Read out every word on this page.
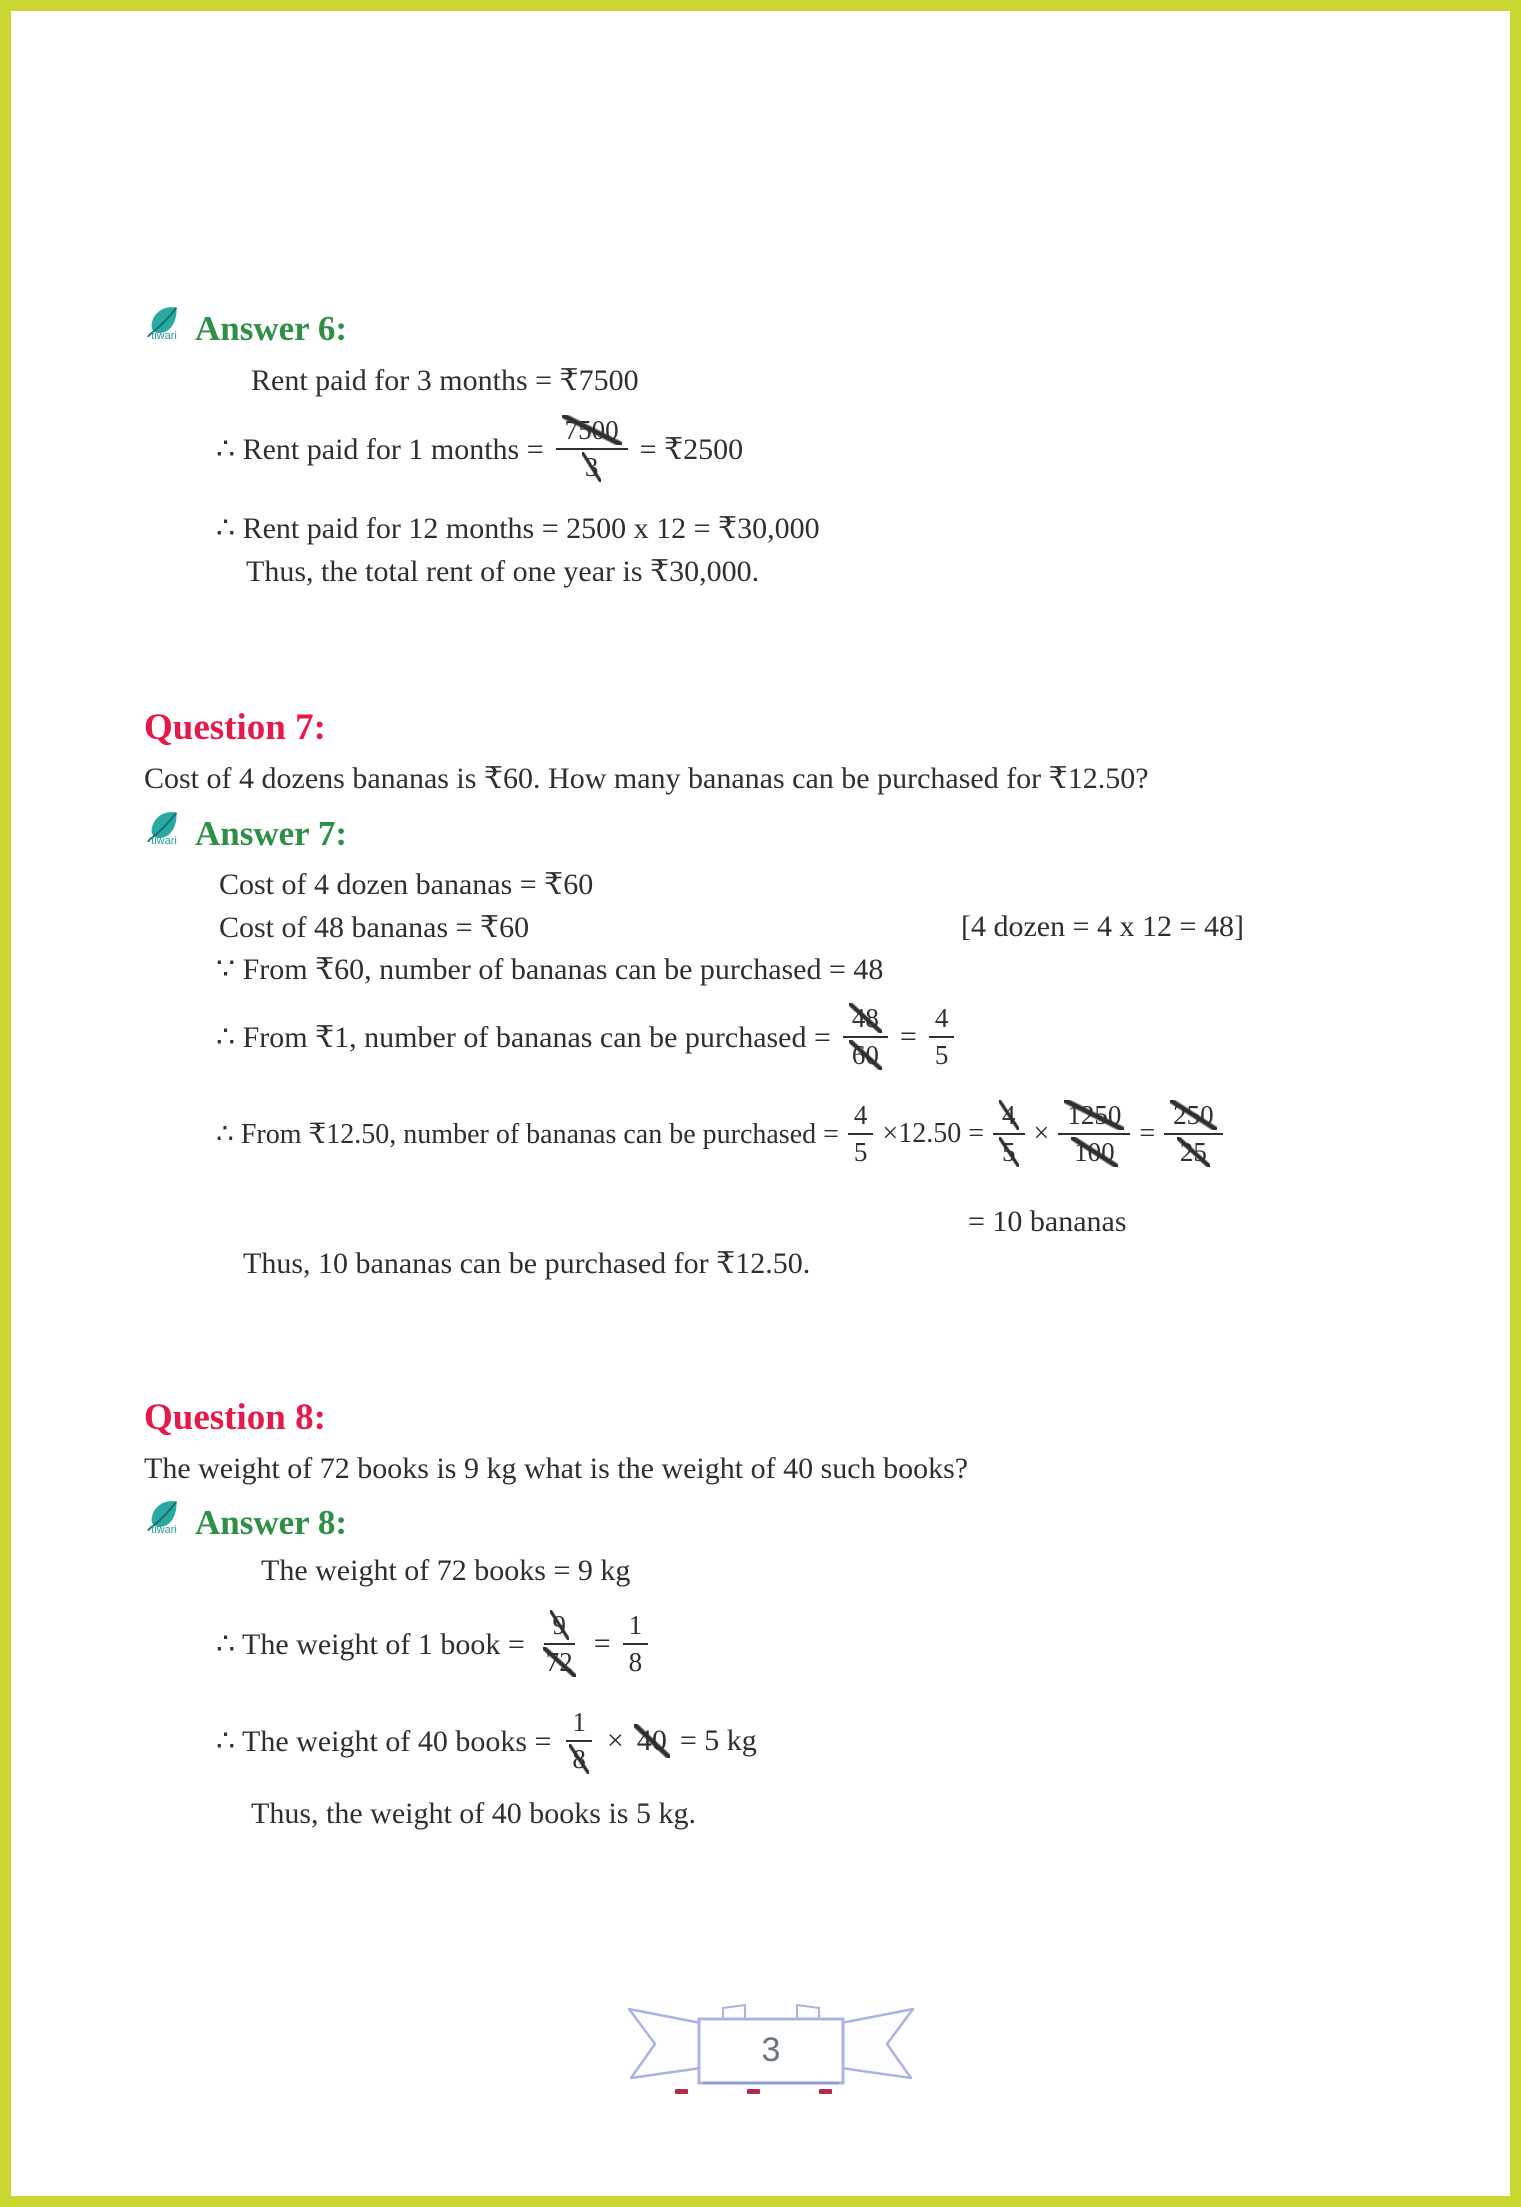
tiwari Answer 6:
Rent paid for 3 months = ₹7500
∴ Rent paid for 1 months = $\frac{7500}{3}$ = ₹2500
∴ Rent paid for 12 months = 2500 x 12 = ₹30,000
Thus, the total rent of one year is ₹30,000.
Question 7:
Cost of 4 dozens bananas is ₹60. How many bananas can be purchased for ₹12.50?
tiwari Answer 7:
Cost of 4 dozen bananas = ₹60
Cost of 48 bananas = ₹60	[4 dozen = 4 x 12 = 48]
∵ From ₹60, number of bananas can be purchased = 48
∴ From ₹1, number of bananas can be purchased = $\frac{48}{60} = \frac{4}{5}$
∴ From ₹12.50, number of bananas can be purchased = $\frac{4}{5} \times 12.50 = \frac{4}{5} \times \frac{1250}{100} = \frac{250}{25}$
= 10 bananas
Thus, 10 bananas can be purchased for ₹12.50.
Question 8:
The weight of 72 books is 9 kg what is the weight of 40 such books?
tiwari Answer 8:
The weight of 72 books = 9 kg
∴ The weight of 1 book = $\frac{9}{72} = \frac{1}{8}$
∴ The weight of 40 books = $\frac{1}{8} \times 40 = 5$ kg
Thus, the weight of 40 books is 5 kg.
3
